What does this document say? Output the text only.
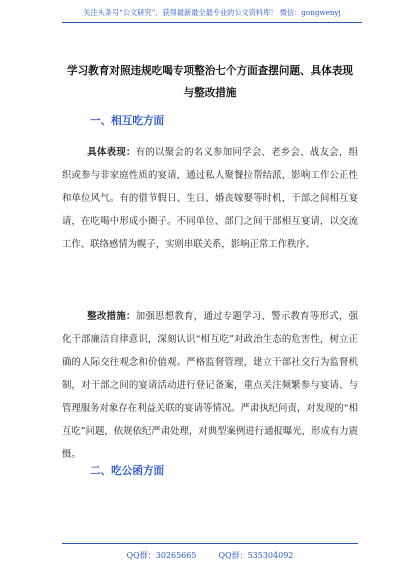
关注头条号“公文研究”，获得最新最全最专业的公文资料库！ 微信：gongwenyj
学习教育对照违规吃喝专项整治七个方面查摆问题、具体表现与整改措施
一、相互吃方面
具体表现：有的以聚会的名义参加同学会、老乡会、战友会，组织或参与非家庭性质的宴请，通过私人聚餐拉帮结派，影响工作公正性和单位风气。有的借节假日、生日、婚丧嫁娶等时机，干部之间相互宴请，在吃喝中形成小圈子。不同单位、部门之间干部相互宴请，以交流工作、联络感情为幌子，实则串联关系，影响正常工作秩序。
整改措施：加强思想教育，通过专题学习、警示教育等形式，强化干部廉洁自律意识，深刻认识“相互吃”对政治生态的危害性，树立正确的人际交往观念和价值观。严格监督管理，建立干部社交行为监督机制，对干部之间的宴请活动进行登记备案，重点关注频繁参与宴请、与管理服务对象存在利益关联的宴请等情况。严肃执纪问责，对发现的“相互吃”问题，依规依纪严肃处理，对典型案例进行通报曝光，形成有力震慑。
二、吃公函方面
QQ群：30265665	QQ群：535304092
